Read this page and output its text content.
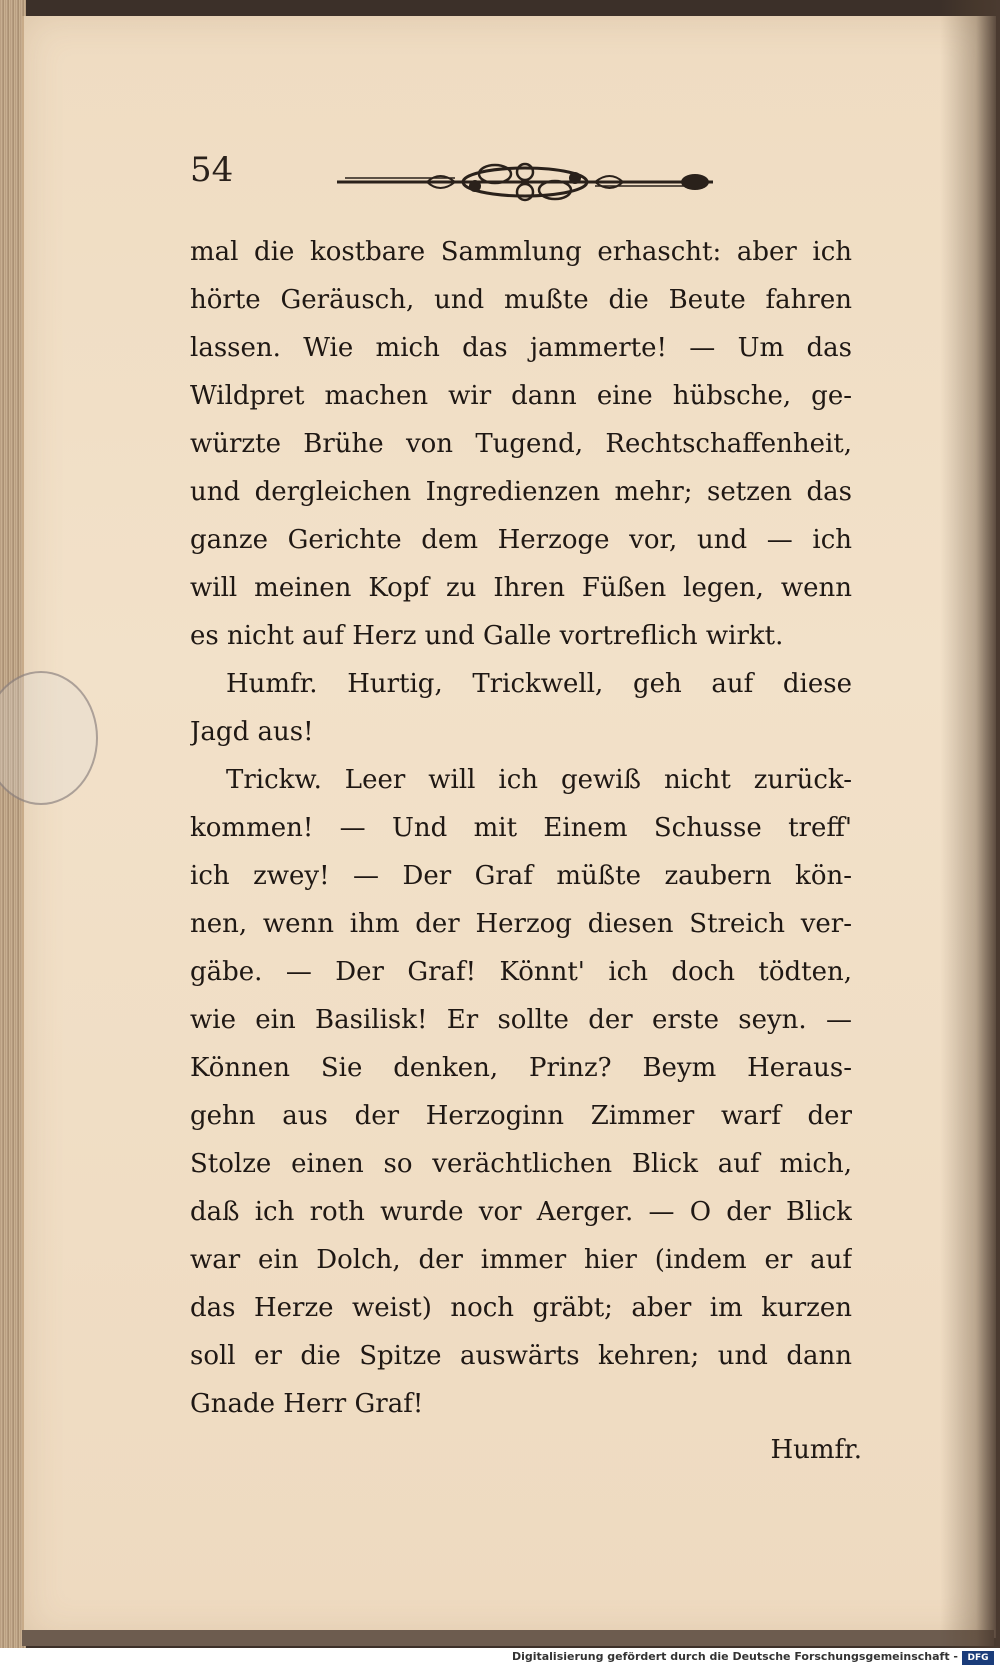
54

mal die kostbare Sammlung erhascht: aber ich
hörte Geräusch, und mußte die Beute fahren
lassen. Wie mich das jammerte! — Um das
Wildpret machen wir dann eine hübsche, ge-
würzte Brühe von Tugend, Rechtschaffenheit,
und dergleichen Ingredienzen mehr; setzen das
ganze Gerichte dem Herzoge vor, und — ich
will meinen Kopf zu Ihren Füßen legen, wenn
es nicht auf Herz und Galle vortreflich wirkt.
Humfr. Hurtig, Trickwell, geh auf diese
Jagd aus!
Trickw. Leer will ich gewiß nicht zurück-
kommen! — Und mit Einem Schusse treff'
ich zwey! — Der Graf müßte zaubern kön-
nen, wenn ihm der Herzog diesen Streich ver-
gäbe. — Der Graf! Könnt' ich doch tödten,
wie ein Basilisk! Er sollte der erste seyn. —
Können Sie denken, Prinz? Beym Heraus-
gehn aus der Herzoginn Zimmer warf der
Stolze einen so verächtlichen Blick auf mich,
daß ich roth wurde vor Aerger. — O der Blick
war ein Dolch, der immer hier (indem er auf
das Herze weist) noch gräbt; aber im kurzen
soll er die Spitze auswärts kehren; und dann
Gnade Herr Graf!

Humfr.

Digitalisierung gefördert durch die Deutsche Forschungsgemeinschaft -	DFG
